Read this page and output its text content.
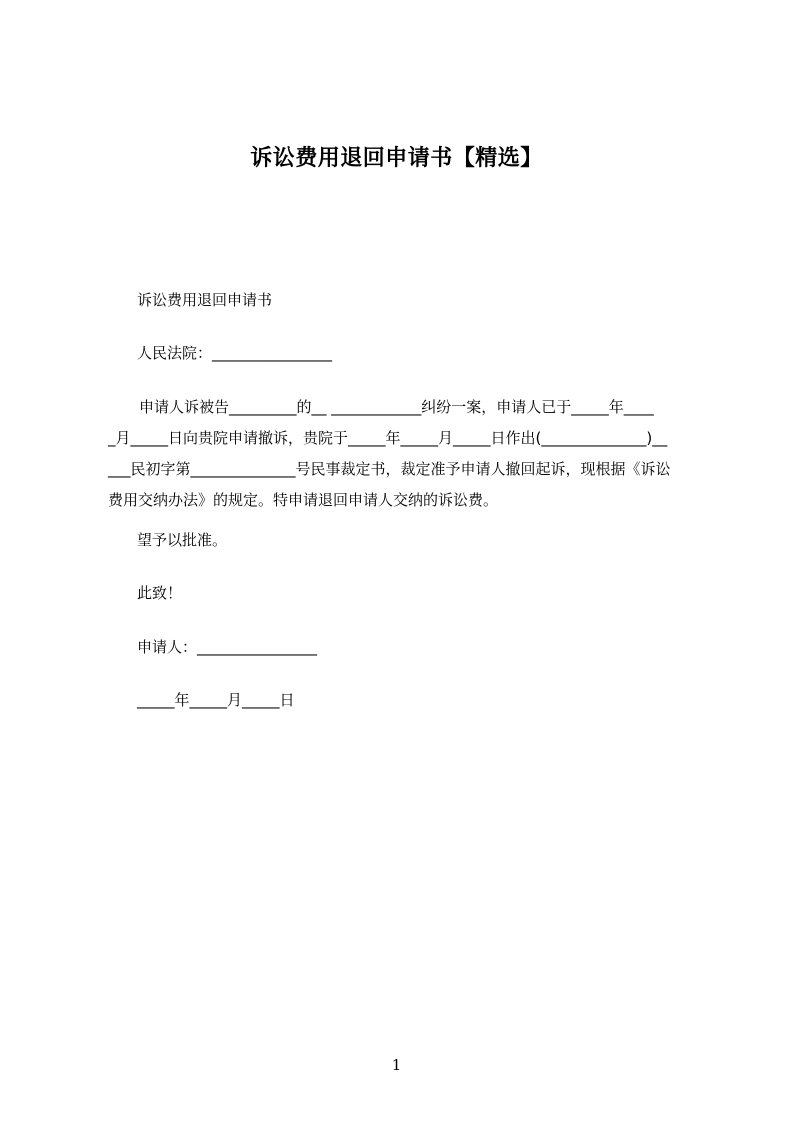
诉讼费用退回申请书【精选】
诉讼费用退回申请书
人民法院：________________
申请人诉被告_________的__ ____________纠纷一案，申请人已于_____年____
_月_____日向贵院申请撤诉，贵院于_____年_____月_____日作出(______________)__
___民初字第______________号民事裁定书，裁定准予申请人撤回起诉，现根据《诉讼
费用交纳办法》的规定。特申请退回申请人交纳的诉讼费。
望予以批准。
此致！
申请人：________________
_____年_____月_____日
1
